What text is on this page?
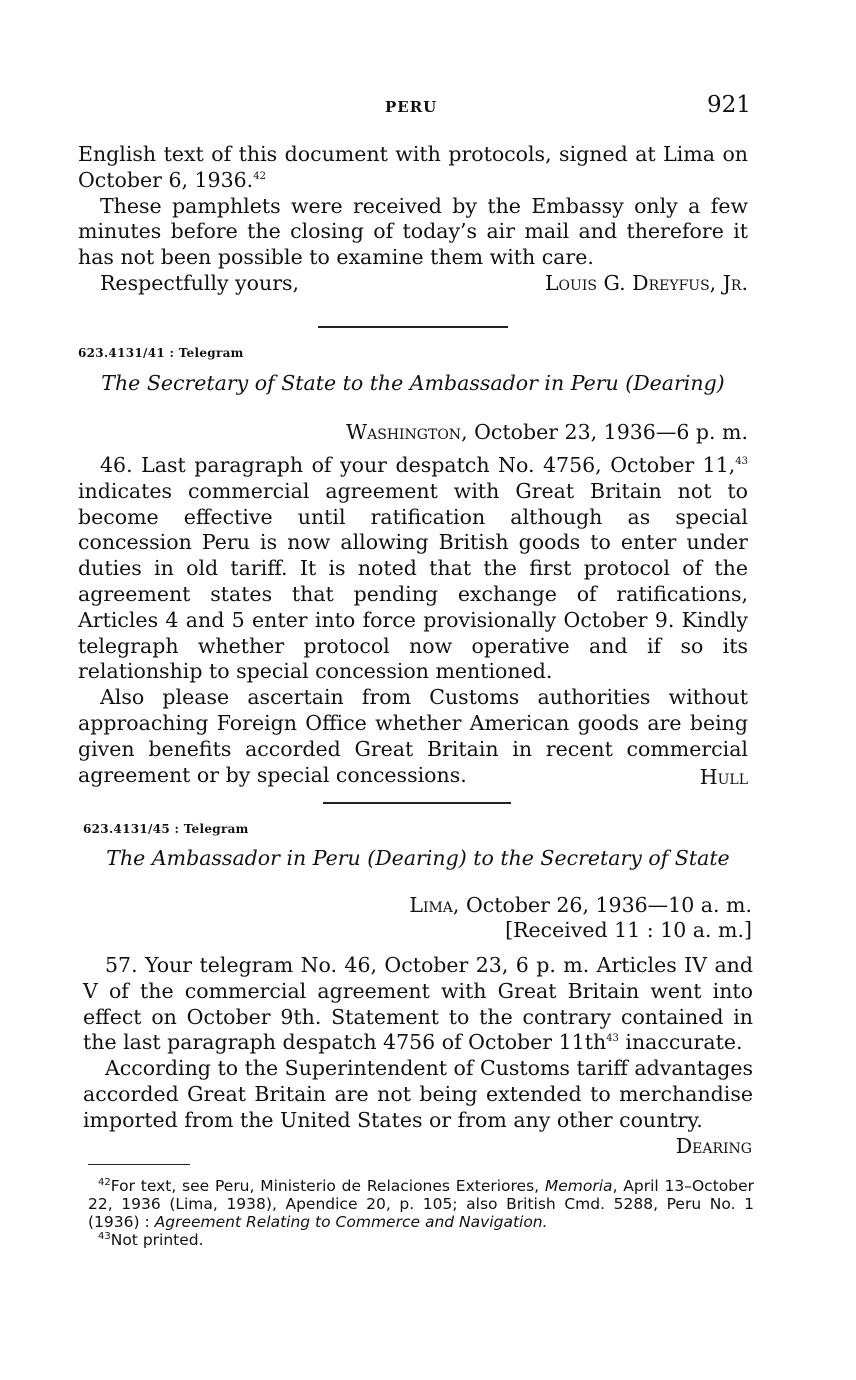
PERU	921

English text of this document with protocols, signed at Lima on October 6, 1936.42

These pamphlets were received by the Embassy only a few minutes before the closing of today’s air mail and therefore it has not been possible to examine them with care.

Respectfully yours,	Louis G. Dreyfus, Jr.
623.4131/41 : Telegram
The Secretary of State to the Ambassador in Peru (Dearing)
Washington, October 23, 1936—6 p. m.

46. Last paragraph of your despatch No. 4756, October 11,43 indicates commercial agreement with Great Britain not to become effective until ratification although as special concession Peru is now allowing British goods to enter under duties in old tariff. It is noted that the first protocol of the agreement states that pending exchange of ratifications, Articles 4 and 5 enter into force provisionally October 9. Kindly telegraph whether protocol now operative and if so its relationship to special concession mentioned.

Also please ascertain from Customs authorities without approaching Foreign Office whether American goods are being given benefits accorded Great Britain in recent commercial agreement or by special concessions.	Hull
623.4131/45 : Telegram
The Ambassador in Peru (Dearing) to the Secretary of State
Lima, October 26, 1936—10 a. m.
[Received 11 : 10 a. m.]

57. Your telegram No. 46, October 23, 6 p. m. Articles IV and V of the commercial agreement with Great Britain went into effect on October 9th. Statement to the contrary contained in the last paragraph despatch 4756 of October $11th^{43}$ inaccurate.

According to the Superintendent of Customs tariff advantages accorded Great Britain are not being extended to merchandise imported from the United States or from any other country.

Dearing

$^{42}$For text, see Peru, Ministerio de Relaciones Exteriores, Memoria, April 13–October 22, 1936 (Lima, 1938), Apendice 20, p. 105; also British Cmd. 5288, Peru No. 1 (1936) : Agreement Relating to Commerce and Navigation.

$^{43}$Not printed.
